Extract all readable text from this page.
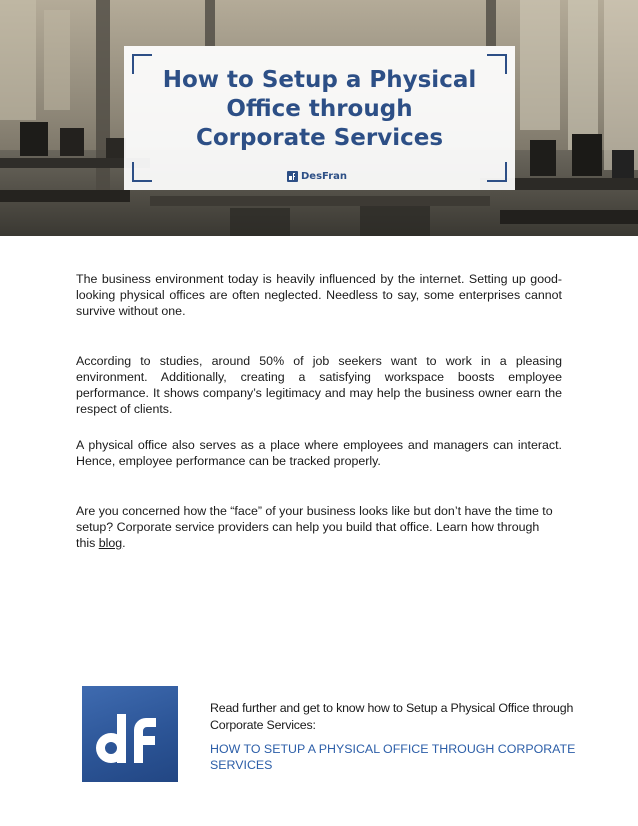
How to Setup a Physical
Office through
Corporate Services
DesFran

The business environment today is heavily influenced by the internet. Setting up good-looking physical offices are often neglected. Needless to say, some enterprises cannot survive without one.

According to studies, around 50% of job seekers want to work in a pleasing environment. Additionally, creating a satisfying workspace boosts employee performance. It shows company’s legitimacy and may help the business owner earn the respect of clients.

A physical office also serves as a place where employees and managers can interact. Hence, employee performance can be tracked properly.

Are you concerned how the “face” of your business looks like but don’t have the time to setup? Corporate service providers can help you build that office. Learn how through this blog.

Read further and get to know how to Setup a Physical Office through Corporate Services:

HOW TO SETUP A PHYSICAL OFFICE THROUGH CORPORATE SERVICES
